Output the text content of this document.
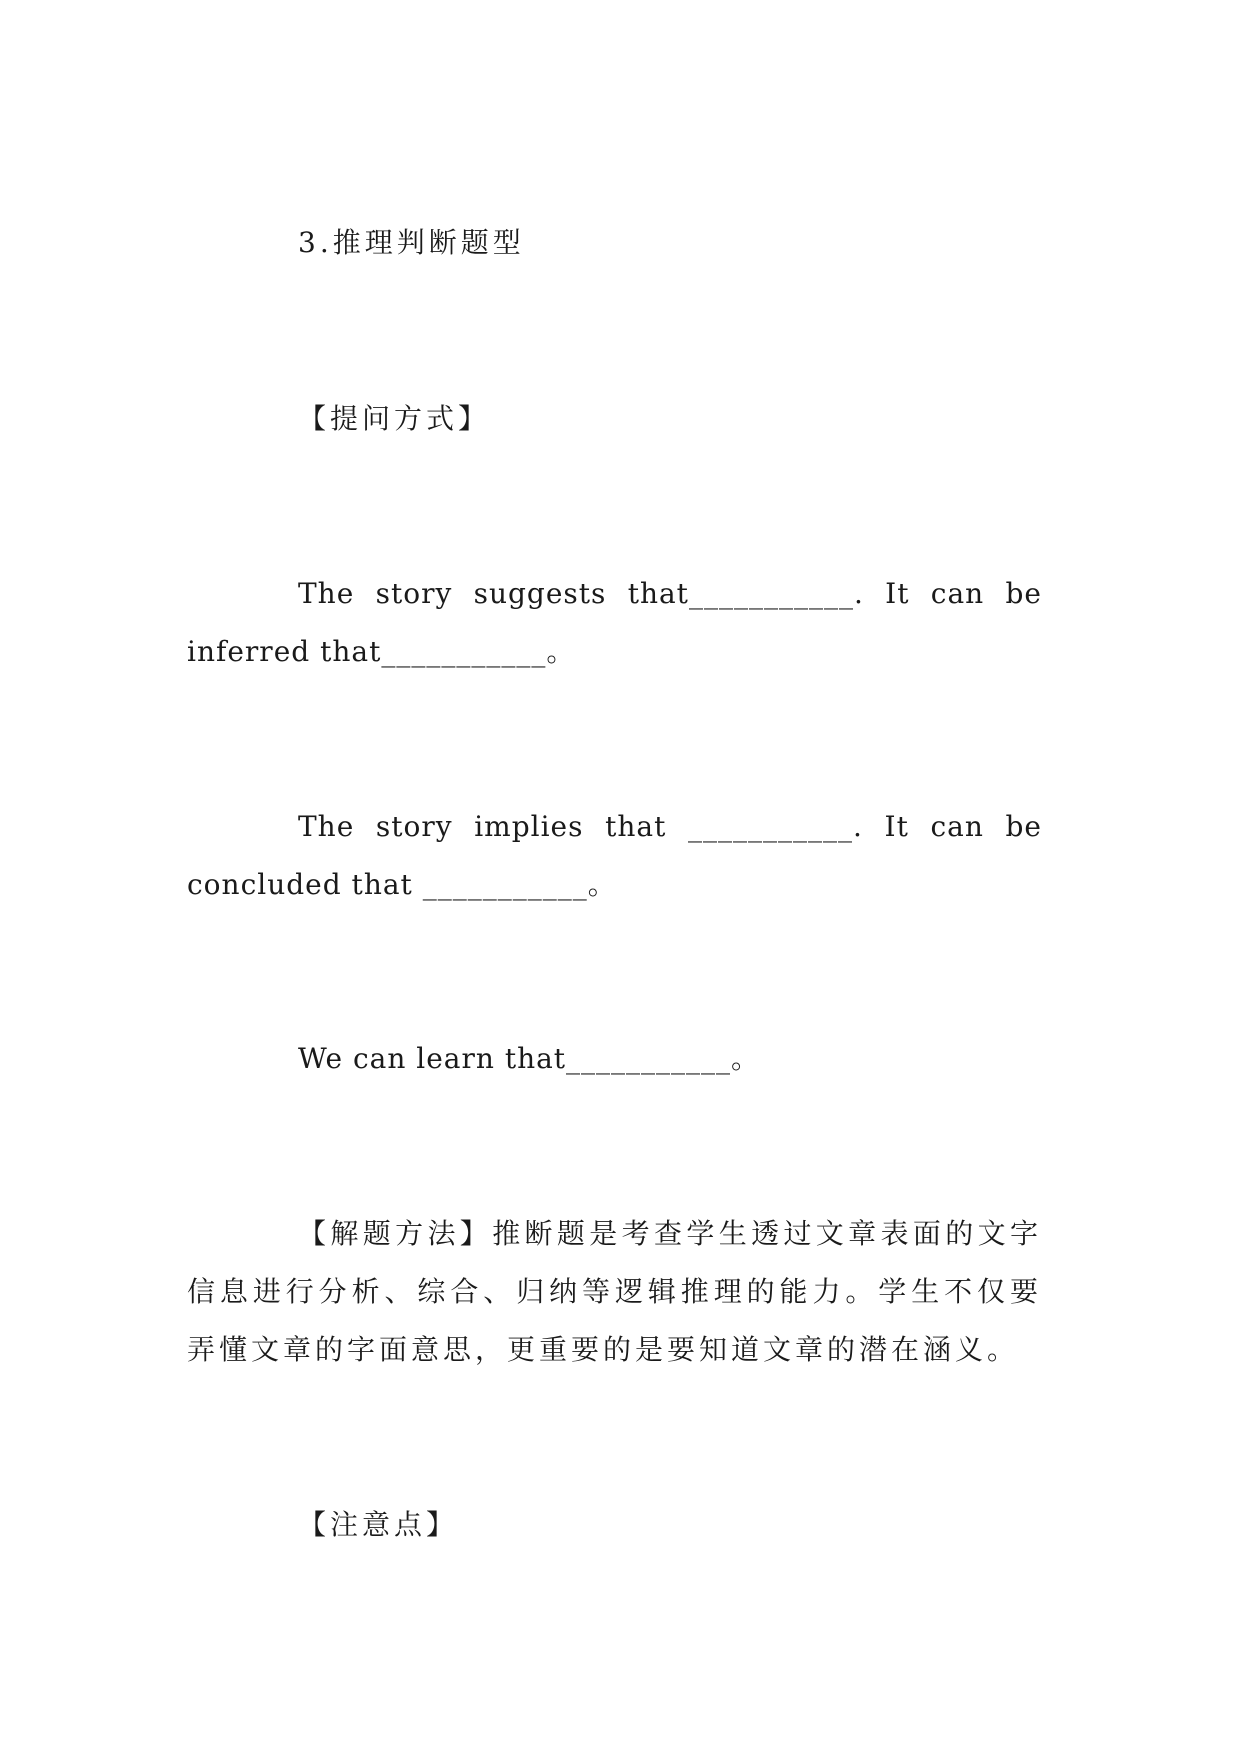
3.推理判断题型

【提问方式】

The story suggests that___________. It can be inferred that___________。

The story implies that ___________. It can be concluded that ___________。

We can learn that___________。

【解题方法】推断题是考查学生透过文章表面的文字信息进行分析、综合、归纳等逻辑推理的能力。学生不仅要弄懂文章的字面意思，更重要的是要知道文章的潜在涵义。

【注意点】
